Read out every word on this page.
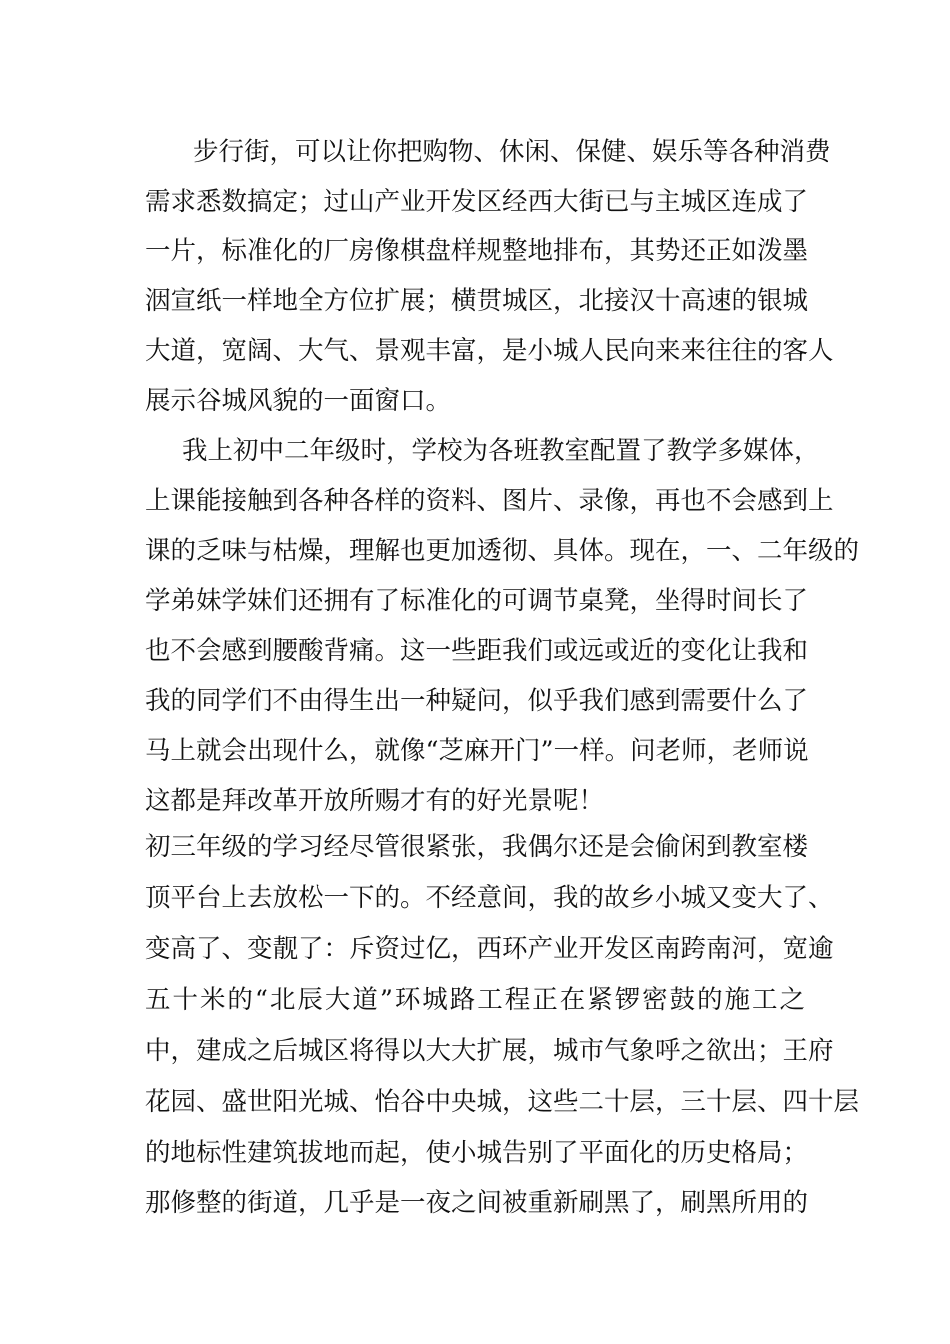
步行街，可以让你把购物、休闲、保健、娱乐等各种消费
需求悉数搞定；过山产业开发区经西大街已与主城区连成了
一片，标准化的厂房像棋盘样规整地排布，其势还正如泼墨
洇宣纸一样地全方位扩展；横贯城区，北接汉十高速的银城
大道，宽阔、大气、景观丰富，是小城人民向来来往往的客人
展示谷城风貌的一面窗口。
我上初中二年级时，学校为各班教室配置了教学多媒体，
上课能接触到各种各样的资料、图片、录像，再也不会感到上
课的乏味与枯燥，理解也更加透彻、具体。现在，一、二年级的
学弟妹学妹们还拥有了标准化的可调节桌凳，坐得时间长了
也不会感到腰酸背痛。这一些距我们或远或近的变化让我和
我的同学们不由得生出一种疑问，似乎我们感到需要什么了
马上就会出现什么，就像“芝麻开门”一样。问老师，老师说
这都是拜改革开放所赐才有的好光景呢！
初三年级的学习经尽管很紧张，我偶尔还是会偷闲到教室楼
顶平台上去放松一下的。不经意间，我的故乡小城又变大了、
变高了、变靓了：斥资过亿，西环产业开发区南跨南河，宽逾
五十米的“北辰大道”环城路工程正在紧锣密鼓的施工之
中，建成之后城区将得以大大扩展，城市气象呼之欲出；王府
花园、盛世阳光城、怡谷中央城，这些二十层，三十层、四十层
的地标性建筑拔地而起，使小城告别了平面化的历史格局；
那修整的街道，几乎是一夜之间被重新刷黑了，刷黑所用的
